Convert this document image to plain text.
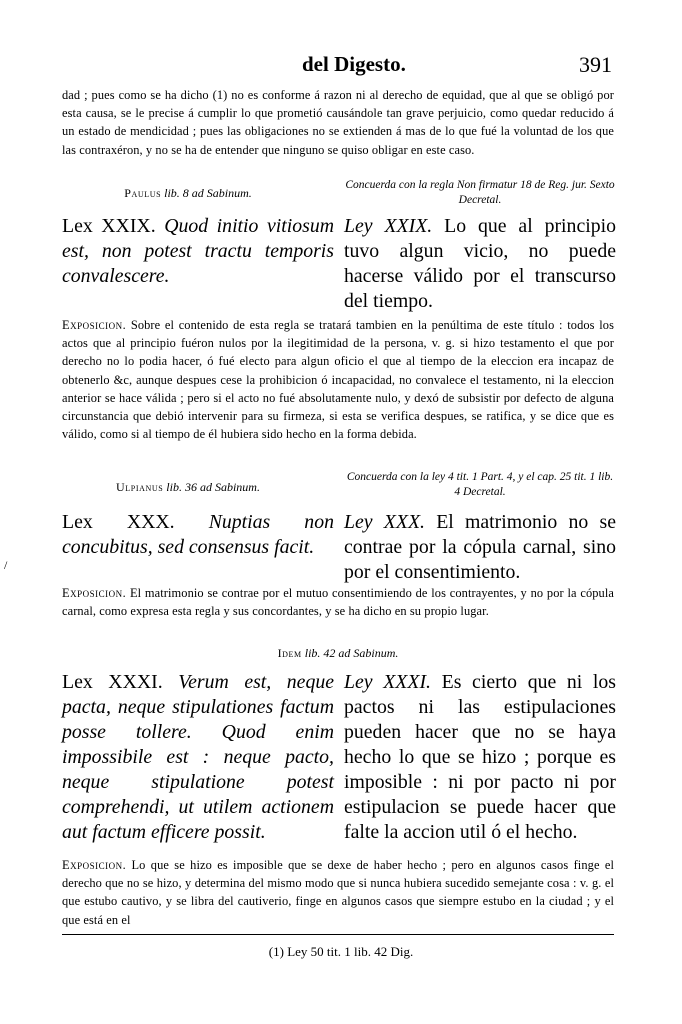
del Digesto.	391
dad ; pues como se ha dicho (1) no es conforme á razon ni al derecho de equidad, que al que se obligó por esta causa, se le precise á cumplir lo que prometió causándole tan grave perjuicio, como quedar reducido á un estado de mendicidad ; pues las obligaciones no se extienden á mas de lo que fué la voluntad de los que las contraxéron, y no se ha de entender que ninguno se quiso obligar en este caso.
Paulus lib. 8 ad Sabinum.
Concuerda con la regla Non firmatur 18 de Reg. jur. Sexto Decretal.
Lex XXIX. Quod initio vitiosum est, non potest tractu temporis convalescere.
Ley XXIX. Lo que al principio tuvo algun vicio, no puede hacerse válido por el transcurso del tiempo.
Exposicion. Sobre el contenido de esta regla se tratará tambien en la penúltima de este título : todos los actos que al principio fuéron nulos por la ilegitimidad de la persona, v. g. si hizo testamento el que por derecho no lo podia hacer, ó fué electo para algun oficio el que al tiempo de la eleccion era incapaz de obtenerlo &c, aunque despues cese la prohibicion ó incapacidad, no convalece el testamento, ni la eleccion anterior se hace válida ; pero si el acto no fué absolutamente nulo, y dexó de subsistir por defecto de alguna circunstancia que debió intervenir para su firmeza, si esta se verifica despues, se ratifica, y se dice que es válido, como si al tiempo de él hubiera sido hecho en la forma debida.
Ulpianus lib. 36 ad Sabinum.
Concuerda con la ley 4 tit. 1 Part. 4, y el cap. 25 tit. 1 lib. 4 Decretal.
Lex XXX. Nuptias non concubitus, sed consensus facit.
Ley XXX. El matrimonio no se contrae por la cópula carnal, sino por el consentimiento.
/
Exposicion. El matrimonio se contrae por el mutuo consentimiendo de los contrayentes, y no por la cópula carnal, como expresa esta regla y sus concordantes, y se ha dicho en su propio lugar.
Idem lib. 42 ad Sabinum.
Lex XXXI. Verum est, neque pacta, neque stipulationes factum posse tollere. Quod enim impossibile est : neque pacto, neque stipulatione potest comprehendi, ut utilem actionem aut factum efficere possit.
Ley XXXI. Es cierto que ni los pactos ni las estipulaciones pueden hacer que no se haya hecho lo que se hizo ; porque es imposible : ni por pacto ni por estipulacion se puede hacer que falte la accion util ó el hecho.
Exposicion. Lo que se hizo es imposible que se dexe de haber hecho ; pero en algunos casos finge el derecho que no se hizo, y determina del mismo modo que si nunca hubiera sucedido semejante cosa : v. g. el que estubo cautivo, y se libra del cautiverio, finge en algunos casos que siempre estubo en la ciudad ; y el que está en el
(1) Ley 50 tit. 1 lib. 42 Dig.
